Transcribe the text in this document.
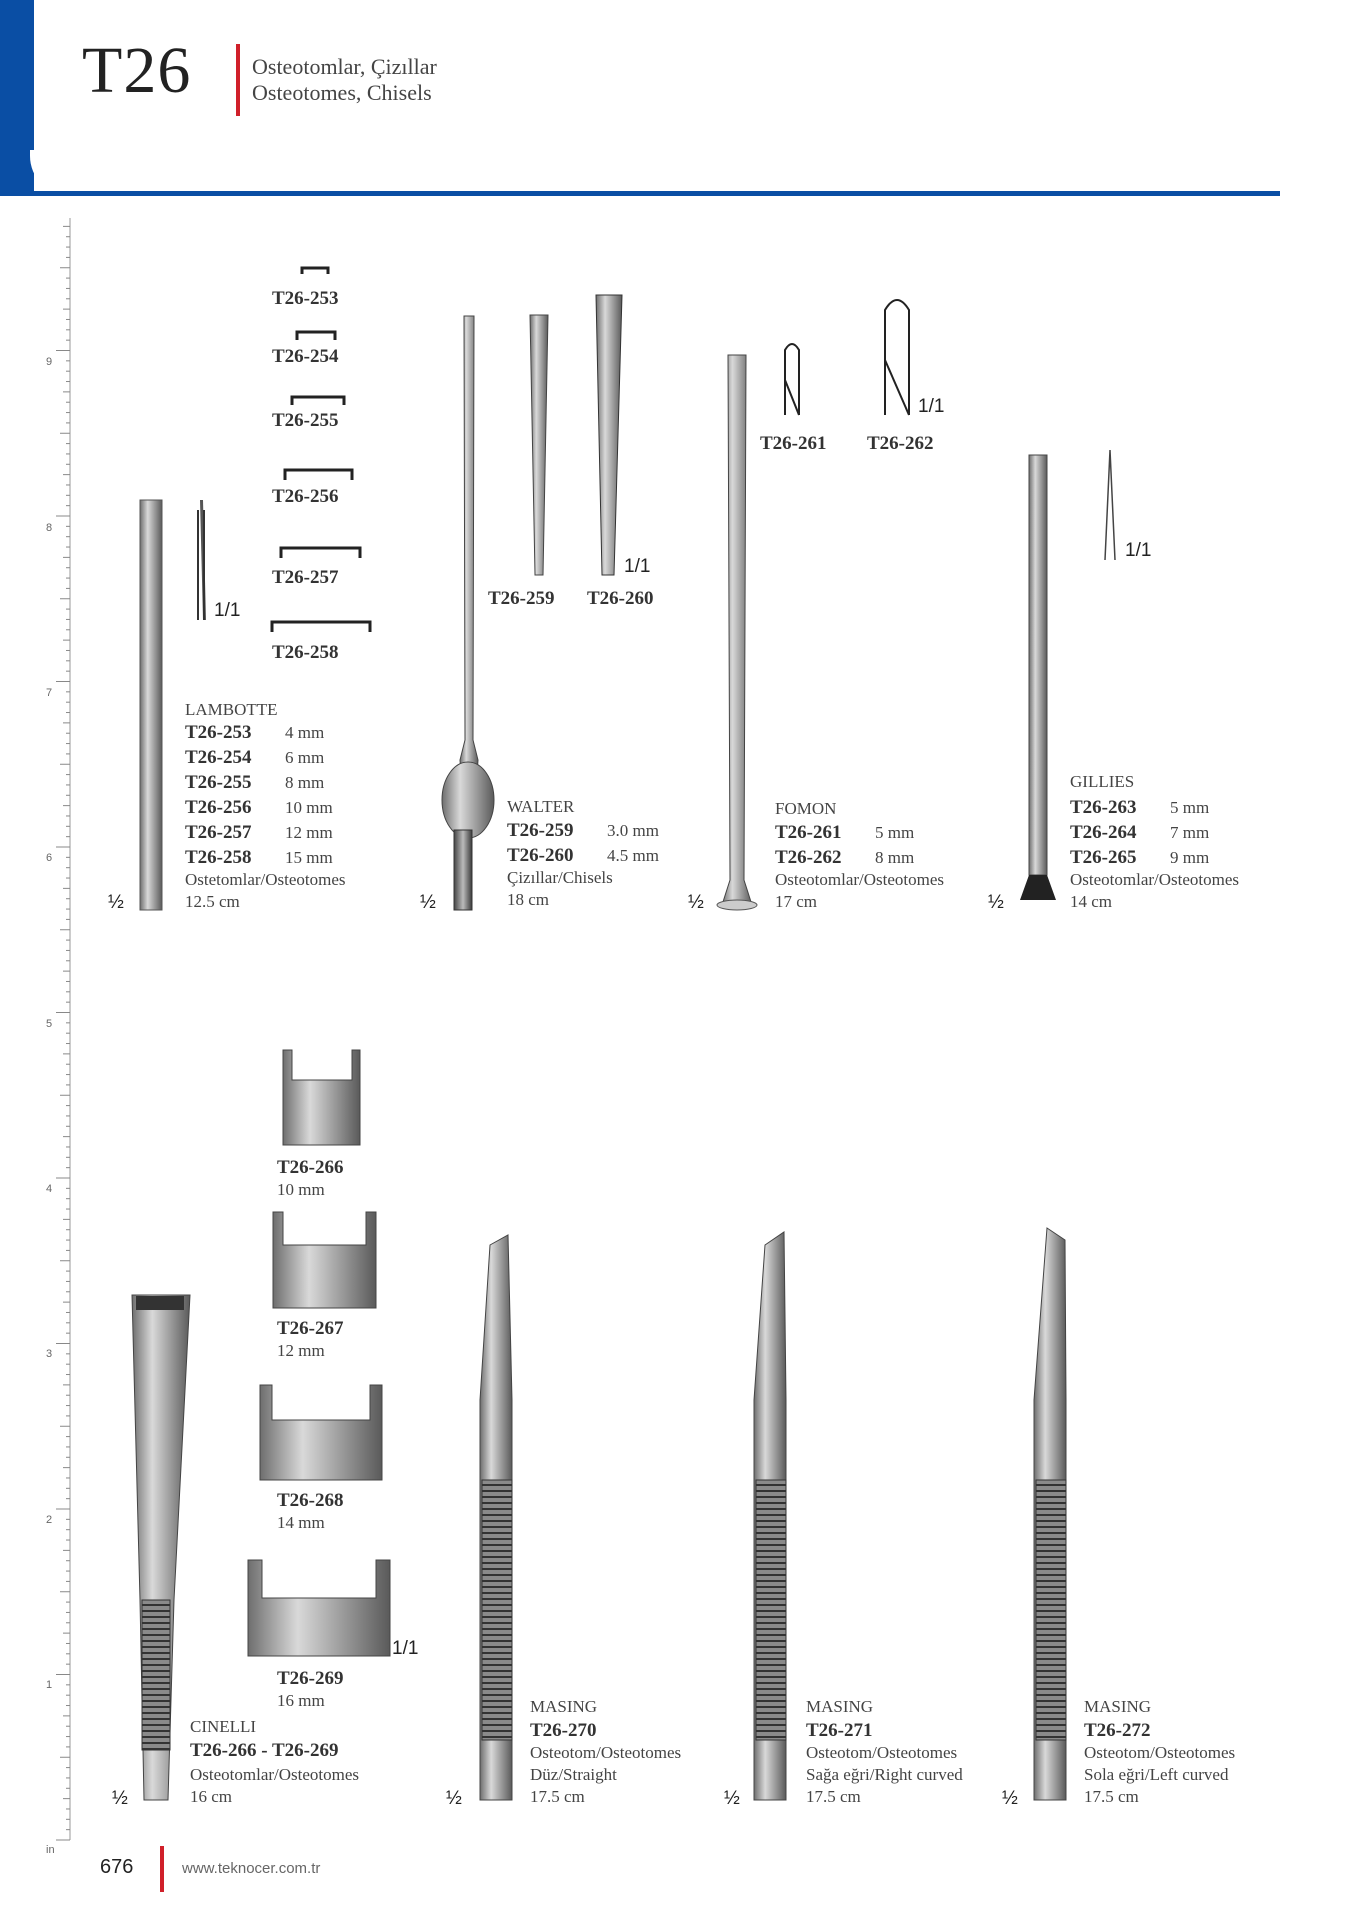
T26	Osteotomlar, Çizıllar
Osteotomes, Chisels
9
8
7
6
5
4
3
2
1
in
T26-253
T26-254
T26-255
T26-256
T26-257
T26-258
1/1
½
LAMBOTTE
T26-253 4 mm
T26-254 6 mm
T26-255 8 mm
T26-256 10 mm
T26-257 12 mm
T26-258 15 mm
Ostetomlar/Osteotomes
12.5 cm
T26-259 T26-260
1/1
½
WALTER
T26-259 3.0 mm
T26-260 4.5 mm
Çizıllar/Chisels
18 cm
T26-261 T26-262
1/1
½
FOMON
T26-261 5 mm
T26-262 8 mm
Osteotomlar/Osteotomes
17 cm
1/1
½
GILLIES
T26-263 5 mm
T26-264 7 mm
T26-265 9 mm
Osteotomlar/Osteotomes
14 cm
T26-266
10 mm
T26-267
12 mm
T26-268
14 mm
1/1
T26-269
16 mm
½
CINELLI
T26-266 - T26-269
Osteotomlar/Osteotomes
16 cm	½
MASING
T26-270
Osteotom/Osteotomes
Düz/Straight
17.5 cm	½
MASING
T26-271
Osteotom/Osteotomes
Sağa eğri/Right curved
17.5 cm	½
MASING
T26-272
Osteotom/Osteotomes
Sola eğri/Left curved
17.5 cm
676	www.teknocer.com.tr
